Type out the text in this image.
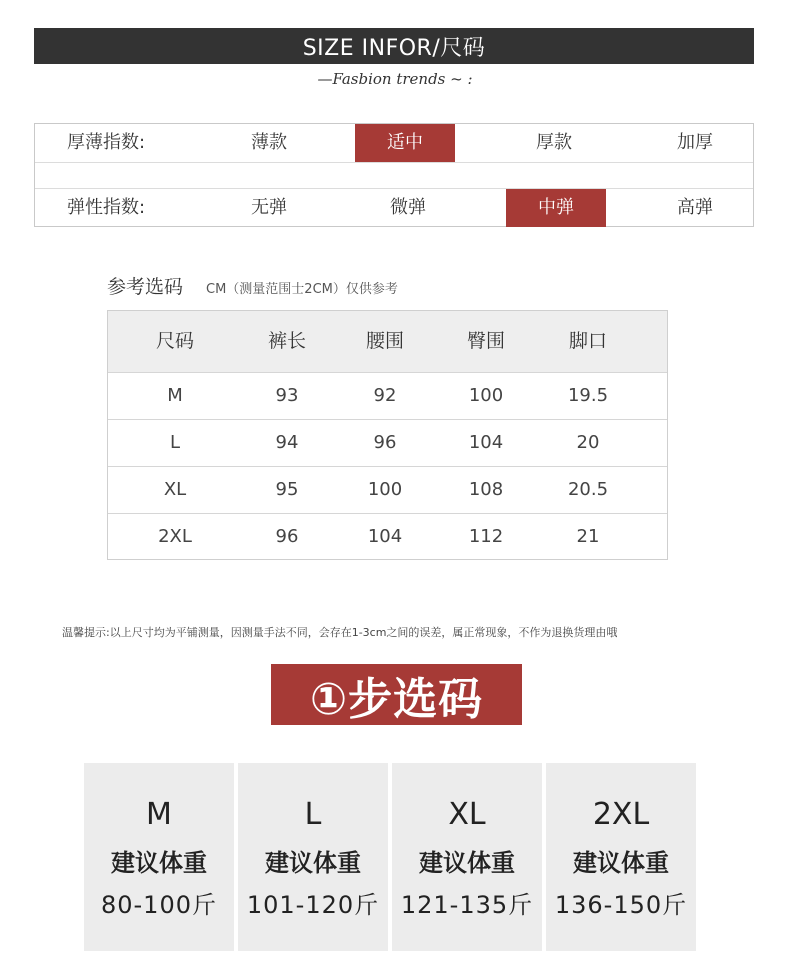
SIZE INFOR/尺码
—Fasbion trends ~ :
厚薄指数:	薄款	适中	厚款	加厚
弹性指数:	无弹	微弹	中弹	高弹
参考选码 CM（测量范围士2CM）仅供参考
尺码	裤长	腰围	臀围	脚口
M	93	92	100	19.5
L	94	96	104	20
XL	95	100	108	20.5
2XL	96	104	112	21
温馨提示:以上尺寸均为平铺测量，因测量手法不同，会存在1-3cm之间的误差，属正常现象，不作为退换货理由哦
①步选码
M
建议体重
80-100斤
L
建议体重
101-120斤
XL
建议体重
121-135斤
2XL
建议体重
136-150斤
